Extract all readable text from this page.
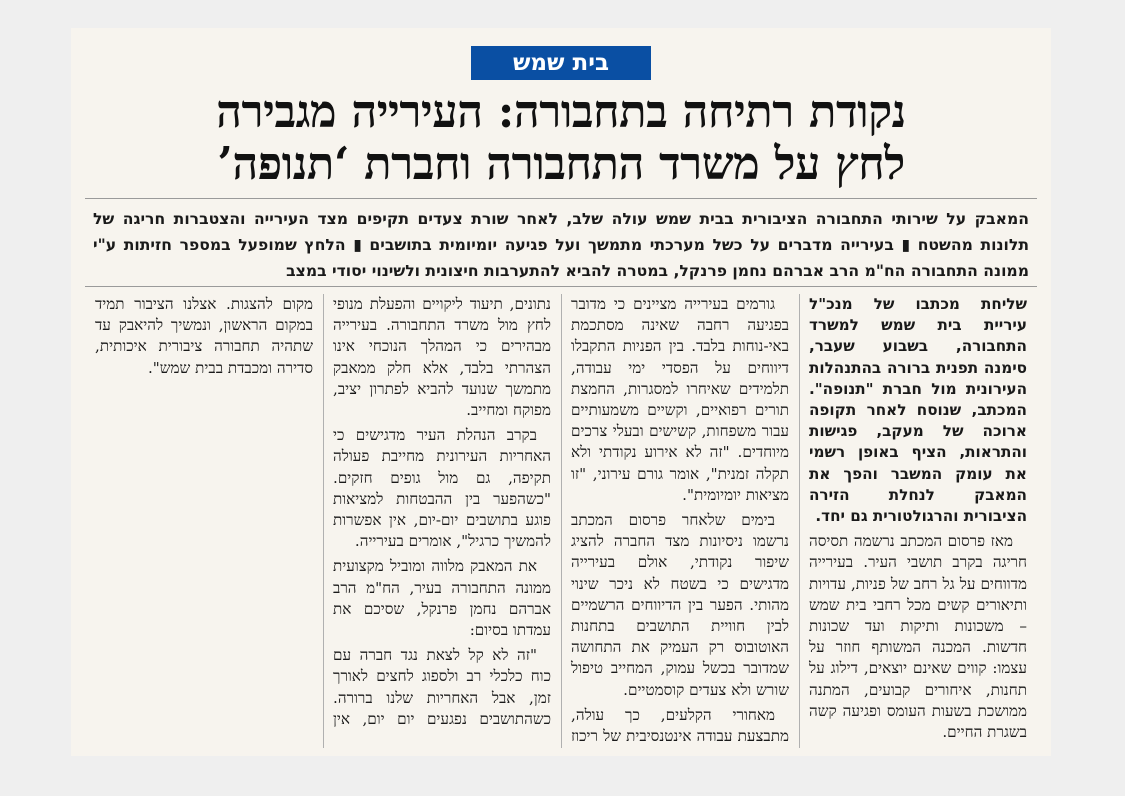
בית שמש
נקודת רתיחה בתחבורה: העירייה מגבירה
לחץ על משרד התחבורה וחברת ‘תנופה’
המאבק על שירותי התחבורה הציבורית בבית שמש עולה שלב, לאחר שורת צעדים תקיפים מצד העירייה והצטברות חריגה של תלונות מהשטח ▮ בעירייה מדברים על כשל מערכתי מתמשך ועל פגיעה יומיומית בתושבים ▮ הלחץ שמופעל במספר חזיתות ע"י ממונה התחבורה הח"מ הרב אברהם נחמן פרנקל, במטרה להביא להתערבות חיצונית ולשינוי יסודי במצב

שליחת מכתבו של מנכ"ל עיריית בית שמש למשרד התחבורה, בשבוע שעבר, סימנה תפנית ברורה בהתנהלות העירונית מול חברת "תנופה". המכתב, שנוסח לאחר תקופה ארוכה של מעקב, פגישות והתראות, הציף באופן רשמי את עומק המשבר והפך את המאבק לנחלת הזירה הציבורית והרגולטורית גם יחד.

מאז פרסום המכתב נרשמה תסיסה חריגה בקרב תושבי העיר. בעירייה מדווחים על גל רחב של פניות, עדויות ותיאורים קשים מכל רחבי בית שמש – משכונות ותיקות ועד שכונות חדשות. המכנה המשותף חוזר על עצמו: קווים שאינם יוצאים, דילוג על תחנות, איחורים קבועים, המתנה ממושכת בשעות העומס ופגיעה קשה בשגרת החיים.

גורמים בעירייה מציינים כי מדובר בפגיעה רחבה שאינה מסתכמת באי-נוחות בלבד. בין הפניות התקבלו דיווחים על הפסדי ימי עבודה, תלמידים שאיחרו למסגרות, החמצת תורים רפואיים, וקשיים משמעותיים עבור משפחות, קשישים ובעלי צרכים מיוחדים. "זה לא אירוע נקודתי ולא תקלה זמנית", אומר גורם עירוני, "זו מציאות יומיומית".

בימים שלאחר פרסום המכתב נרשמו ניסיונות מצד החברה להציג שיפור נקודתי, אולם בעירייה מדגישים כי בשטח לא ניכר שינוי מהותי. הפער בין הדיווחים הרשמיים לבין חוויית התושבים בתחנות האוטובוס רק העמיק את התחושה שמדובר בכשל עמוק, המחייב טיפול שורש ולא צעדים קוסמטיים.

מאחורי הקלעים, כך עולה, מתבצעת עבודה אינטנסיבית של ריכוז נתונים, תיעוד ליקויים והפעלת מנופי לחץ מול משרד התחבורה. בעירייה מבהירים כי המהלך הנוכחי אינו הצהרתי בלבד, אלא חלק ממאבק מתמשך שנועד להביא לפתרון יציב, מפוקח ומחייב.

בקרב הנהלת העיר מדגישים כי האחריות העירונית מחייבת פעולה תקיפה, גם מול גופים חזקים. "כשהפער בין ההבטחות למציאות פוגע בתושבים יום-יום, אין אפשרות להמשיך כרגיל", אומרים בעירייה.

את המאבק מלווה ומוביל מקצועית ממונה התחבורה בעיר, הח"מ הרב אברהם נחמן פרנקל, שסיכם את עמדתו בסיום:

"זה לא קל לצאת נגד חברה עם כוח כלכלי רב ולספוג לחצים לאורך זמן, אבל האחריות שלנו ברורה. כשהתושבים נפגעים יום יום, אין מקום להצגות. אצלנו הציבור תמיד במקום הראשון, ונמשיך להיאבק עד שתהיה תחבורה ציבורית איכותית, סדירה ומכבדת בבית שמש".
